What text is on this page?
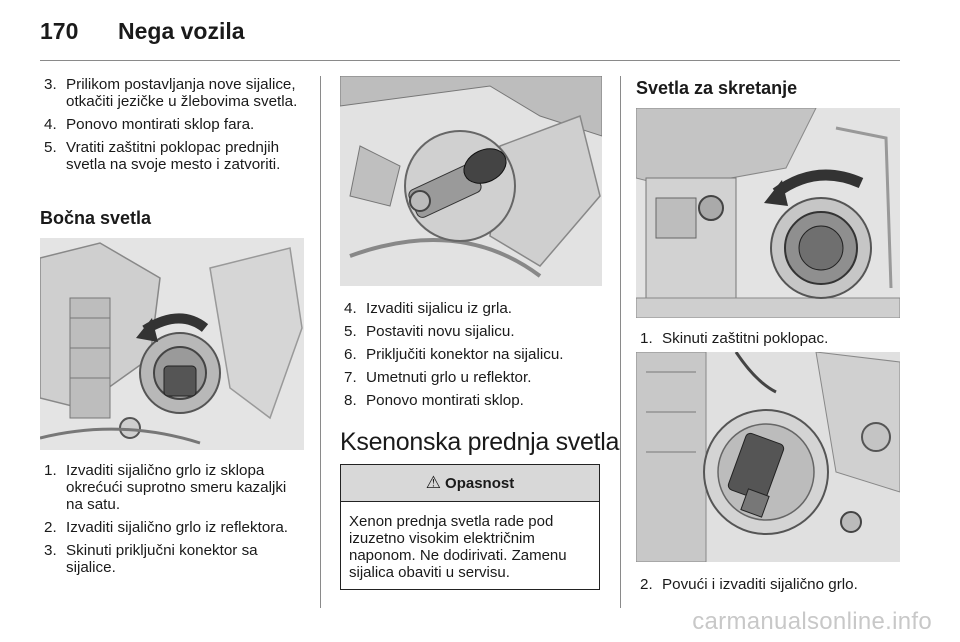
170 Nega vozila
3. Prilikom postavljanja nove sijalice, otkačiti jezičke u žlebovima svetla.
4. Ponovo montirati sklop fara.
5. Vratiti zaštitni poklopac prednjih svetla na svoje mesto i zatvoriti.
Bočna svetla
1. Izvaditi sijalično grlo iz sklopa okrećući suprotno smeru kazaljki na satu.
2. Izvaditi sijalično grlo iz reflektora.
3. Skinuti priključni konektor sa sijalice.
4. Izvaditi sijalicu iz grla.
5. Postaviti novu sijalicu.
6. Priključiti konektor na sijalicu.
7. Umetnuti grlo u reflektor.
8. Ponovo montirati sklop.
Ksenonska prednja svetla
⚠ Opasnost
Xenon prednja svetla rade pod izuzetno visokim električnim naponom. Ne dodirivati. Zamenu sijalica obaviti u servisu.
Svetla za skretanje
1. Skinuti zaštitni poklopac.
2. Povući i izvaditi sijalično grlo.
carmanualsonline.info
